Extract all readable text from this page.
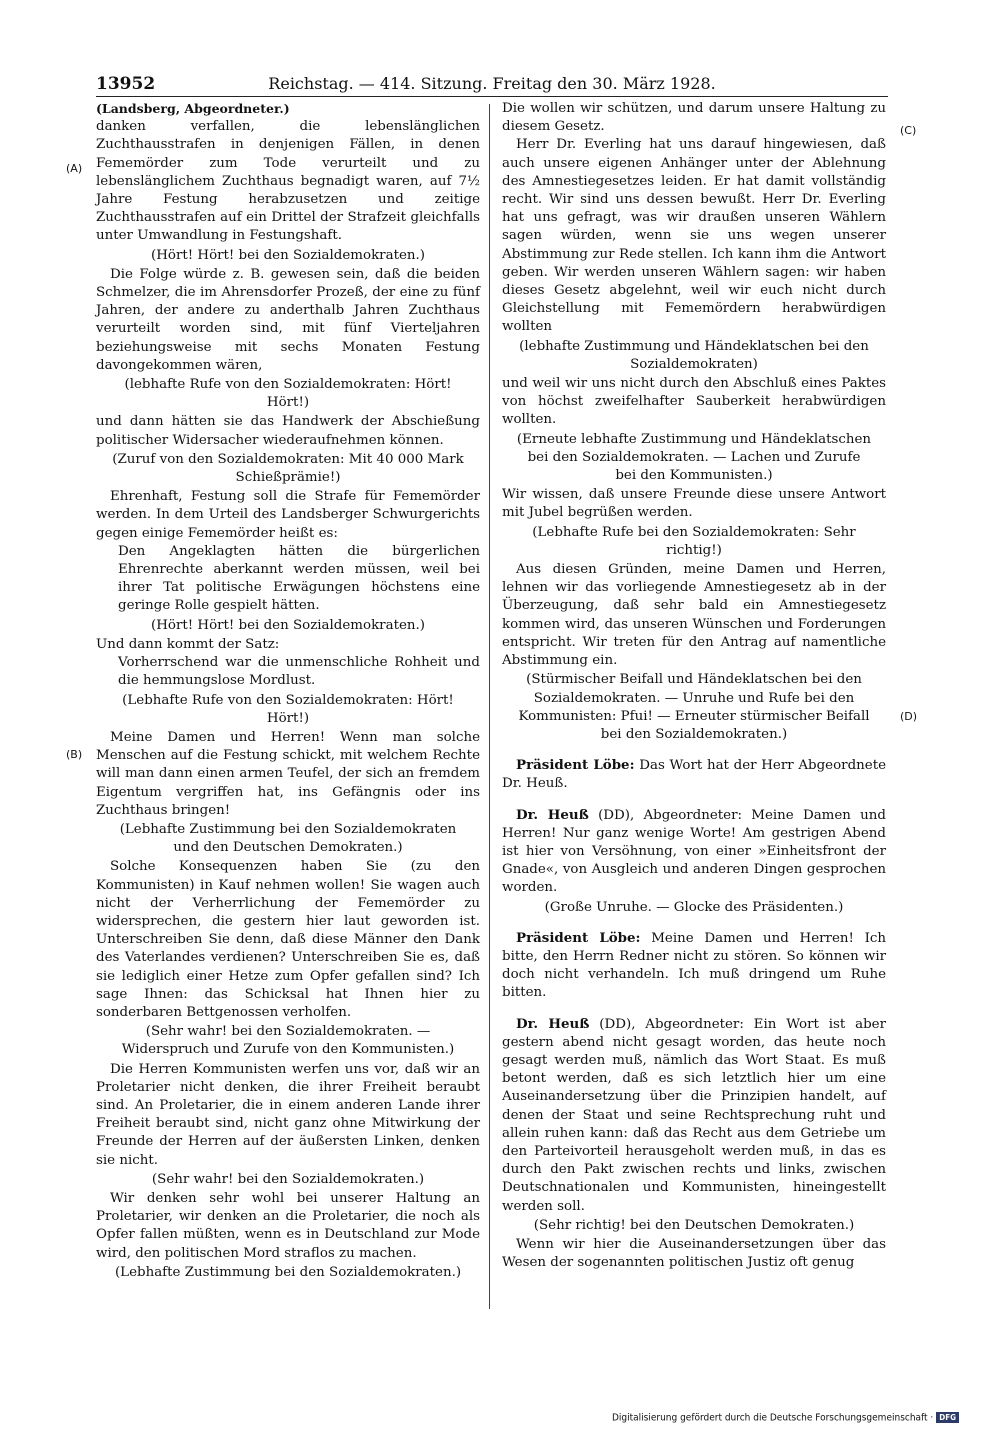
13952	Reichstag. — 414. Sitzung. Freitag den 30. März 1928.
(A)
(B)
(C)
(D)

(Landsberg, Abgeordneter.)

danken verfallen, die lebenslänglichen Zuchthausstrafen in denjenigen Fällen, in denen Fememörder zum Tode verurteilt und zu lebenslänglichem Zuchthaus begnadigt waren, auf 7½ Jahre Festung herabzusetzen und zeitige Zuchthausstrafen auf ein Drittel der Strafzeit gleichfalls unter Umwandlung in Festungshaft.

(Hört! Hört! bei den Sozialdemokraten.)

Die Folge würde z. B. gewesen sein, daß die beiden Schmelzer, die im Ahrensdorfer Prozeß, der eine zu fünf Jahren, der andere zu anderthalb Jahren Zuchthaus verurteilt worden sind, mit fünf Vierteljahren beziehungsweise mit sechs Monaten Festung davongekommen wären,

(lebhafte Rufe von den Sozialdemokraten: Hört! Hört!)

und dann hätten sie das Handwerk der Abschießung politischer Widersacher wiederaufnehmen können.

(Zuruf von den Sozialdemokraten: Mit 40 000 Mark Schießprämie!)

Ehrenhaft, Festung soll die Strafe für Fememörder werden. In dem Urteil des Landsberger Schwurgerichts gegen einige Fememörder heißt es:

Den Angeklagten hätten die bürgerlichen Ehrenrechte aberkannt werden müssen, weil bei ihrer Tat politische Erwägungen höchstens eine geringe Rolle gespielt hätten.

(Hört! Hört! bei den Sozialdemokraten.)

Und dann kommt der Satz:

Vorherrschend war die unmenschliche Rohheit und die hemmungslose Mordlust.

(Lebhafte Rufe von den Sozialdemokraten: Hört! Hört!)

Meine Damen und Herren! Wenn man solche Menschen auf die Festung schickt, mit welchem Rechte will man dann einen armen Teufel, der sich an fremdem Eigentum vergriffen hat, ins Gefängnis oder ins Zuchthaus bringen!

(Lebhafte Zustimmung bei den Sozialdemokraten und den Deutschen Demokraten.)

Solche Konsequenzen haben Sie (zu den Kommunisten) in Kauf nehmen wollen! Sie wagen auch nicht der Verherrlichung der Fememörder zu widersprechen, die gestern hier laut geworden ist. Unterschreiben Sie denn, daß diese Männer den Dank des Vaterlandes verdienen? Unterschreiben Sie es, daß sie lediglich einer Hetze zum Opfer gefallen sind? Ich sage Ihnen: das Schicksal hat Ihnen hier zu sonderbaren Bettgenossen verholfen.

(Sehr wahr! bei den Sozialdemokraten. — Widerspruch und Zurufe von den Kommunisten.)

Die Herren Kommunisten werfen uns vor, daß wir an Proletarier nicht denken, die ihrer Freiheit beraubt sind. An Proletarier, die in einem anderen Lande ihrer Freiheit beraubt sind, nicht ganz ohne Mitwirkung der Freunde der Herren auf der äußersten Linken, denken sie nicht.

(Sehr wahr! bei den Sozialdemokraten.)

Wir denken sehr wohl bei unserer Haltung an Proletarier, wir denken an die Proletarier, die noch als Opfer fallen müßten, wenn es in Deutschland zur Mode wird, den politischen Mord straflos zu machen.

(Lebhafte Zustimmung bei den Sozialdemokraten.)

Die wollen wir schützen, und darum unsere Haltung zu diesem Gesetz.

Herr Dr. Everling hat uns darauf hingewiesen, daß auch unsere eigenen Anhänger unter der Ablehnung des Amnestiegesetzes leiden. Er hat damit vollständig recht. Wir sind uns dessen bewußt. Herr Dr. Everling hat uns gefragt, was wir draußen unseren Wählern sagen würden, wenn sie uns wegen unserer Abstimmung zur Rede stellen. Ich kann ihm die Antwort geben. Wir werden unseren Wählern sagen: wir haben dieses Gesetz abgelehnt, weil wir euch nicht durch Gleichstellung mit Fememördern herabwürdigen wollten

(lebhafte Zustimmung und Händeklatschen bei den Sozialdemokraten)

und weil wir uns nicht durch den Abschluß eines Paktes von höchst zweifelhafter Sauberkeit herabwürdigen wollten.

(Erneute lebhafte Zustimmung und Händeklatschen bei den Sozialdemokraten. — Lachen und Zurufe bei den Kommunisten.)

Wir wissen, daß unsere Freunde diese unsere Antwort mit Jubel begrüßen werden.

(Lebhafte Rufe bei den Sozialdemokraten: Sehr richtig!)

Aus diesen Gründen, meine Damen und Herren, lehnen wir das vorliegende Amnestiegesetz ab in der Überzeugung, daß sehr bald ein Amnestiegesetz kommen wird, das unseren Wünschen und Forderungen entspricht. Wir treten für den Antrag auf namentliche Abstimmung ein.

(Stürmischer Beifall und Händeklatschen bei den Sozialdemokraten. — Unruhe und Rufe bei den Kommunisten: Pfui! — Erneuter stürmischer Beifall bei den Sozialdemokraten.)

Präsident Löbe: Das Wort hat der Herr Abgeordnete Dr. Heuß.

Dr. Heuß (DD), Abgeordneter: Meine Damen und Herren! Nur ganz wenige Worte! Am gestrigen Abend ist hier von Versöhnung, von einer »Einheitsfront der Gnade«, von Ausgleich und anderen Dingen gesprochen worden.

(Große Unruhe. — Glocke des Präsidenten.)

Präsident Löbe: Meine Damen und Herren! Ich bitte, den Herrn Redner nicht zu stören. So können wir doch nicht verhandeln. Ich muß dringend um Ruhe bitten.

Dr. Heuß (DD), Abgeordneter: Ein Wort ist aber gestern abend nicht gesagt worden, das heute noch gesagt werden muß, nämlich das Wort Staat. Es muß betont werden, daß es sich letztlich hier um eine Auseinandersetzung über die Prinzipien handelt, auf denen der Staat und seine Rechtsprechung ruht und allein ruhen kann: daß das Recht aus dem Getriebe um den Parteivorteil herausgeholt werden muß, in das es durch den Pakt zwischen rechts und links, zwischen Deutschnationalen und Kommunisten, hineingestellt werden soll.

(Sehr richtig! bei den Deutschen Demokraten.)

Wenn wir hier die Auseinandersetzungen über das Wesen der sogenannten politischen Justiz oft genug

Digitalisierung gefördert durch die Deutsche Forschungsgemeinschaft · DFG
